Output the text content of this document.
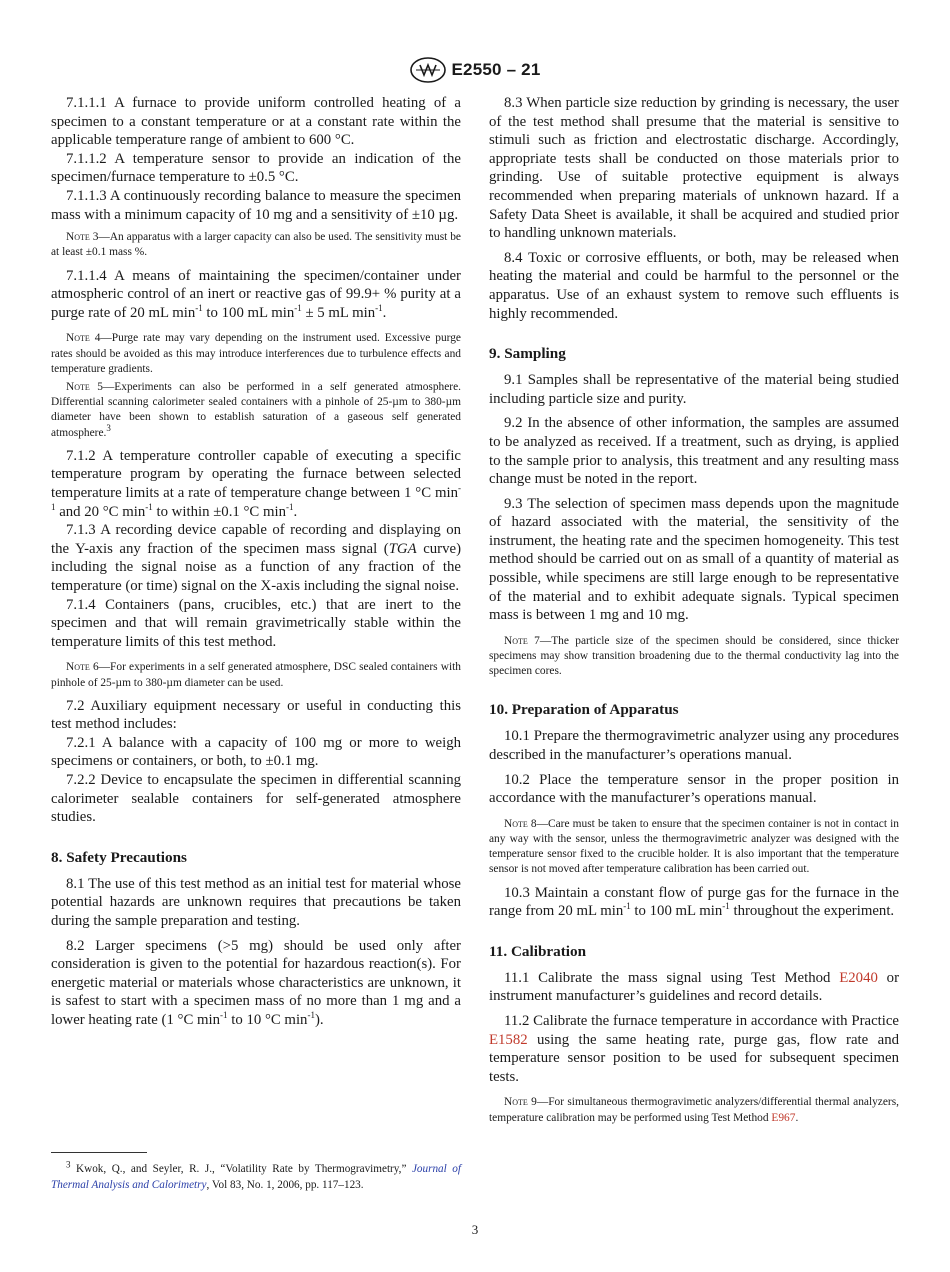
E2550 – 21

7.1.1.1 A furnace to provide uniform controlled heating of a specimen to a constant temperature or at a constant rate within the applicable temperature range of ambient to 600 °C.

7.1.1.2 A temperature sensor to provide an indication of the specimen/furnace temperature to ±0.5 °C.

7.1.1.3 A continuously recording balance to measure the specimen mass with a minimum capacity of 10 mg and a sensitivity of ±10 µg.

Note 3—An apparatus with a larger capacity can also be used. The sensitivity must be at least ±0.1 mass %.

7.1.1.4 A means of maintaining the specimen/container under atmospheric control of an inert or reactive gas of 99.9+ % purity at a purge rate of 20 mL $\min^{-1}$ to 100 mL $\min^{-1} \pm 5$ mL $\min^{-1}$.

Note 4—Purge rate may vary depending on the instrument used. Excessive purge rates should be avoided as this may introduce interferences due to turbulence effects and temperature gradients.
Note 5—Experiments can also be performed in a self generated atmosphere. Differential scanning calorimeter sealed containers with a pinhole of 25-µm to 380-µm diameter have been shown to establish saturation of a gaseous self generated atmosphere.$^3$

7.1.2 A temperature controller capable of executing a specific temperature program by operating the furnace between selected temperature limits at a rate of temperature change between 1 °C $\min^{-1}$ and 20 °C $\min^{-1}$ to within ±0.1 °C $\min^{-1}$.

7.1.3 A recording device capable of recording and displaying on the Y-axis any fraction of the specimen mass signal (TGA curve) including the signal noise as a function of any fraction of the temperature (or time) signal on the X-axis including the signal noise.

7.1.4 Containers (pans, crucibles, etc.) that are inert to the specimen and that will remain gravimetrically stable within the temperature limits of this test method.

Note 6—For experiments in a self generated atmosphere, DSC sealed containers with pinhole of 25-µm to 380-µm diameter can be used.

7.2 Auxiliary equipment necessary or useful in conducting this test method includes:

7.2.1 A balance with a capacity of 100 mg or more to weigh specimens or containers, or both, to ±0.1 mg.

7.2.2 Device to encapsulate the specimen in differential scanning calorimeter sealable containers for self-generated atmosphere studies.

8. Safety Precautions

8.1 The use of this test method as an initial test for material whose potential hazards are unknown requires that precautions be taken during the sample preparation and testing.

8.2 Larger specimens (>5 mg) should be used only after consideration is given to the potential for hazardous reaction(s). For energetic material or materials whose characteristics are unknown, it is safest to start with a specimen mass of no more than 1 mg and a lower heating rate (1 °C $\min^{-1}$ to 10 °C $\min^{-1}$).

8.3 When particle size reduction by grinding is necessary, the user of the test method shall presume that the material is sensitive to stimuli such as friction and electrostatic discharge. Accordingly, appropriate tests shall be conducted on those materials prior to grinding. Use of suitable protective equipment is always recommended when preparing materials of unknown hazard. If a Safety Data Sheet is available, it shall be acquired and studied prior to handling unknown materials.

8.4 Toxic or corrosive effluents, or both, may be released when heating the material and could be harmful to the personnel or the apparatus. Use of an exhaust system to remove such effluents is highly recommended.

9. Sampling

9.1 Samples shall be representative of the material being studied including particle size and purity.

9.2 In the absence of other information, the samples are assumed to be analyzed as received. If a treatment, such as drying, is applied to the sample prior to analysis, this treatment and any resulting mass change must be noted in the report.

9.3 The selection of specimen mass depends upon the magnitude of hazard associated with the material, the sensitivity of the instrument, the heating rate and the specimen homogeneity. This test method should be carried out on as small of a quantity of material as possible, while specimens are still large enough to be representative of the material and to exhibit adequate signals. Typical specimen mass is between 1 mg and 10 mg.

Note 7—The particle size of the specimen should be considered, since thicker specimens may show transition broadening due to the thermal conductivity lag into the specimen cores.
10. Preparation of Apparatus

10.1 Prepare the thermogravimetric analyzer using any procedures described in the manufacturer’s operations manual.

10.2 Place the temperature sensor in the proper position in accordance with the manufacturer’s operations manual.

Note 8—Care must be taken to ensure that the specimen container is not in contact in any way with the sensor, unless the thermogravimetric analyzer was designed with the temperature sensor fixed to the crucible holder. It is also important that the temperature sensor is not moved after temperature calibration has been carried out.

10.3 Maintain a constant flow of purge gas for the furnace in the range from 20 mL $\min^{-1}$ to 100 mL $\min^{-1}$ throughout the experiment.

11. Calibration

11.1 Calibrate the mass signal using Test Method E2040 or instrument manufacturer’s guidelines and record details.

11.2 Calibrate the furnace temperature in accordance with Practice E1582 using the same heating rate, purge gas, flow rate and temperature sensor position to be used for subsequent specimen tests.

Note 9—For simultaneous thermogravimetic analyzers/differential thermal analyzers, temperature calibration may be performed using Test Method E967.
$^3$ Kwok, Q., and Seyler, R. J., “Volatility Rate by Thermogravimetry,” Journal of Thermal Analysis and Calorimetry, Vol 83, No. 1, 2006, pp. 117–123.
3
